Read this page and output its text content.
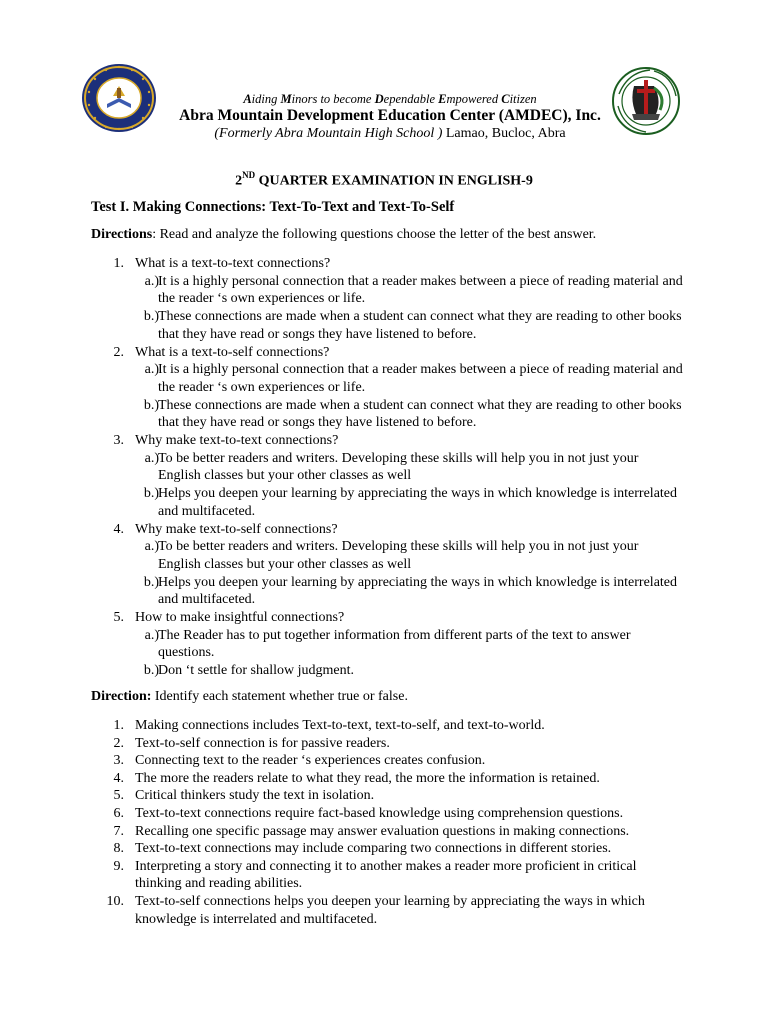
Aiding Minors to become Dependable Empowered Citizen
Abra Mountain Development Education Center (AMDEC), Inc.
(Formerly Abra Mountain High School ) Lamao, Bucloc, Abra
2ND QUARTER EXAMINATION IN ENGLISH-9
Test I. Making Connections: Text-To-Text and Text-To-Self
Directions: Read and analyze the following questions choose the letter of the best answer.
1. What is a text-to-text connections?
a.) It is a highly personal connection that a reader makes between a piece of reading material and
the reader ‘s own experiences or life.
b.) These connections are made when a student can connect what they are reading to other books
that they have read or songs they have listened to before.
2. What is a text-to-self connections?
a.) It is a highly personal connection that a reader makes between a piece of reading material and
the reader ‘s own experiences or life.
b.) These connections are made when a student can connect what they are reading to other books
that they have read or songs they have listened to before.
3. Why make text-to-text connections?
a.) To be better readers and writers. Developing these skills will help you in not just your
English classes but your other classes as well
b.) Helps you deepen your learning by appreciating the ways in which knowledge is interrelated
and multifaceted.
4. Why make text-to-self connections?
a.) To be better readers and writers. Developing these skills will help you in not just your
English classes but your other classes as well
b.) Helps you deepen your learning by appreciating the ways in which knowledge is interrelated
and multifaceted.
5. How to make insightful connections?
a.) The Reader has to put together information from different parts of the text to answer
questions.
b.) Don ‘t settle for shallow judgment.
Direction: Identify each statement whether true or false.
1. Making connections includes Text-to-text, text-to-self, and text-to-world.
2. Text-to-self connection is for passive readers.
3. Connecting text to the reader ‘s experiences creates confusion.
4. The more the readers relate to what they read, the more the information is retained.
5. Critical thinkers study the text in isolation.
6. Text-to-text connections require fact-based knowledge using comprehension questions.
7. Recalling one specific passage may answer evaluation questions in making connections.
8. Text-to-text connections may include comparing two connections in different stories.
9. Interpreting a story and connecting it to another makes a reader more proficient in critical
thinking and reading abilities.
10. Text-to-self connections helps you deepen your learning by appreciating the ways in which
knowledge is interrelated and multifaceted.
